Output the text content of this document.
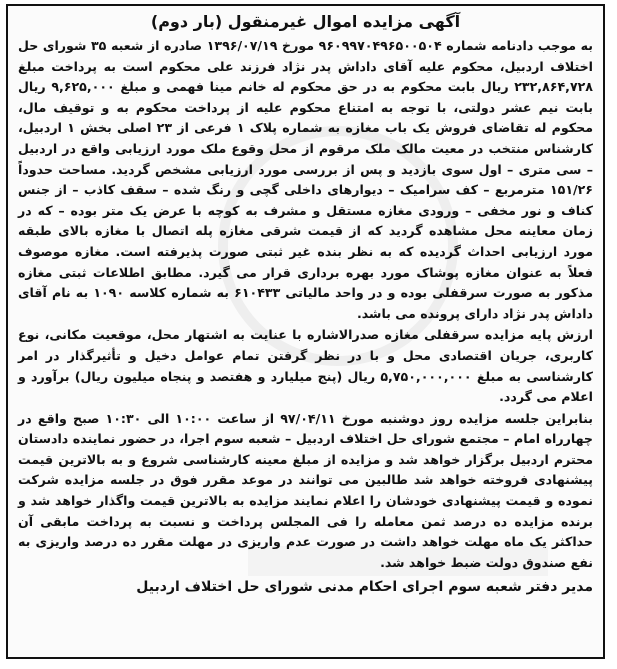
آگهی مزایده اموال غیرمنقول (بار دوم)

به موجب دادنامه شماره ۹۶۰۹۹۷۰۴۹۶۵۰۰۵۰۴ مورخ ۱۳۹۶/۰۷/۱۹ صادره از شعبه ۳۵ شورای حل اختلاف اردبیل، محکوم علیه آقای داداش پدر نژاد فرزند علی محکوم است به پرداخت مبلغ ۲۳۲,۸۶۴,۷۲۸ ریال بابت محکوم به در حق محکوم له خانم مینا فهمی و مبلغ ۹,۶۲۵,۰۰۰ ریال بابت نیم عشر دولتی، با توجه به امتناع محکوم علیه از پرداخت محکوم به و توقیف مال، محکوم له تقاضای فروش یک باب مغازه به شماره پلاک ۱ فرعی از ۲۳ اصلی بخش ۱ اردبیل، کارشناس منتخب در معیت مالک ملک مرقوم از محل وقوع ملک مورد ارزیابی واقع در اردبیل – سی متری – اول سوی بازدید و پس از بررسی مورد ارزیابی مشخص گردید. مساحت حدوداً ۱۵۱/۲۶ مترمربع – کف سرامیک – دیوارهای داخلی گچی و رنگ شده – سقف کاذب – از جنس کناف و نور مخفی – ورودی مغازه مستقل و مشرف به کوچه با عرض یک متر بوده – که در زمان معاینه محل مشاهده گردید که از قیمت شرقی مغازه پله اتصال با مغازه بالای طبقه مورد ارزیابی احداث گردیده که به نظر بنده غیر ثبتی صورت پذیرفته است. مغازه موصوف فعلاً به عنوان مغازه پوشاک مورد بهره برداری قرار می گیرد. مطابق اطلاعات ثبتی مغازه مذکور به صورت سرقفلی بوده و در واحد مالیاتی ۶۱۰۴۳۳ به شماره کلاسه ۱۰۹۰ به نام آقای داداش پدر نژاد دارای پرونده می باشد.

ارزش پایه مزایده سرقفلی مغازه صدرالاشاره با عنایت به اشتهار محل، موقعیت مکانی، نوع کاربری، جریان اقتصادی محل و با در نظر گرفتن تمام عوامل دخیل و تأثیرگذار در امر کارشناسی به مبلغ ۵,۷۵۰,۰۰۰,۰۰۰ ریال (پنج میلیارد و هفتصد و پنجاه میلیون ریال) برآورد و اعلام می گردد.

بنابراین جلسه مزایده روز دوشنبه مورخ ۹۷/۰۴/۱۱ از ساعت ۱۰:۰۰ الی ۱۰:۳۰ صبح واقع در چهارراه امام – مجتمع شورای حل اختلاف اردبیل – شعبه سوم اجرا، در حضور نماینده دادستان محترم اردبیل برگزار خواهد شد و مزایده از مبلغ معینه کارشناسی شروع و به بالاترین قیمت پیشنهادی فروخته خواهد شد طالبین می توانند در موعد مقرر فوق در جلسه مزایده شرکت نموده و قیمت پیشنهادی خودشان را اعلام نمایند مزایده به بالاترین قیمت واگذار خواهد شد و برنده مزایده ده درصد ثمن معامله را فی المجلس پرداخت و نسبت به پرداخت مابقی آن حداکثر یک ماه مهلت خواهد داشت در صورت عدم واریزی در مهلت مقرر ده درصد واریزی به نفع صندوق دولت ضبط خواهد شد.

مدیر دفتر شعبه سوم اجرای احکام مدنی شورای حل اختلاف اردبیل
